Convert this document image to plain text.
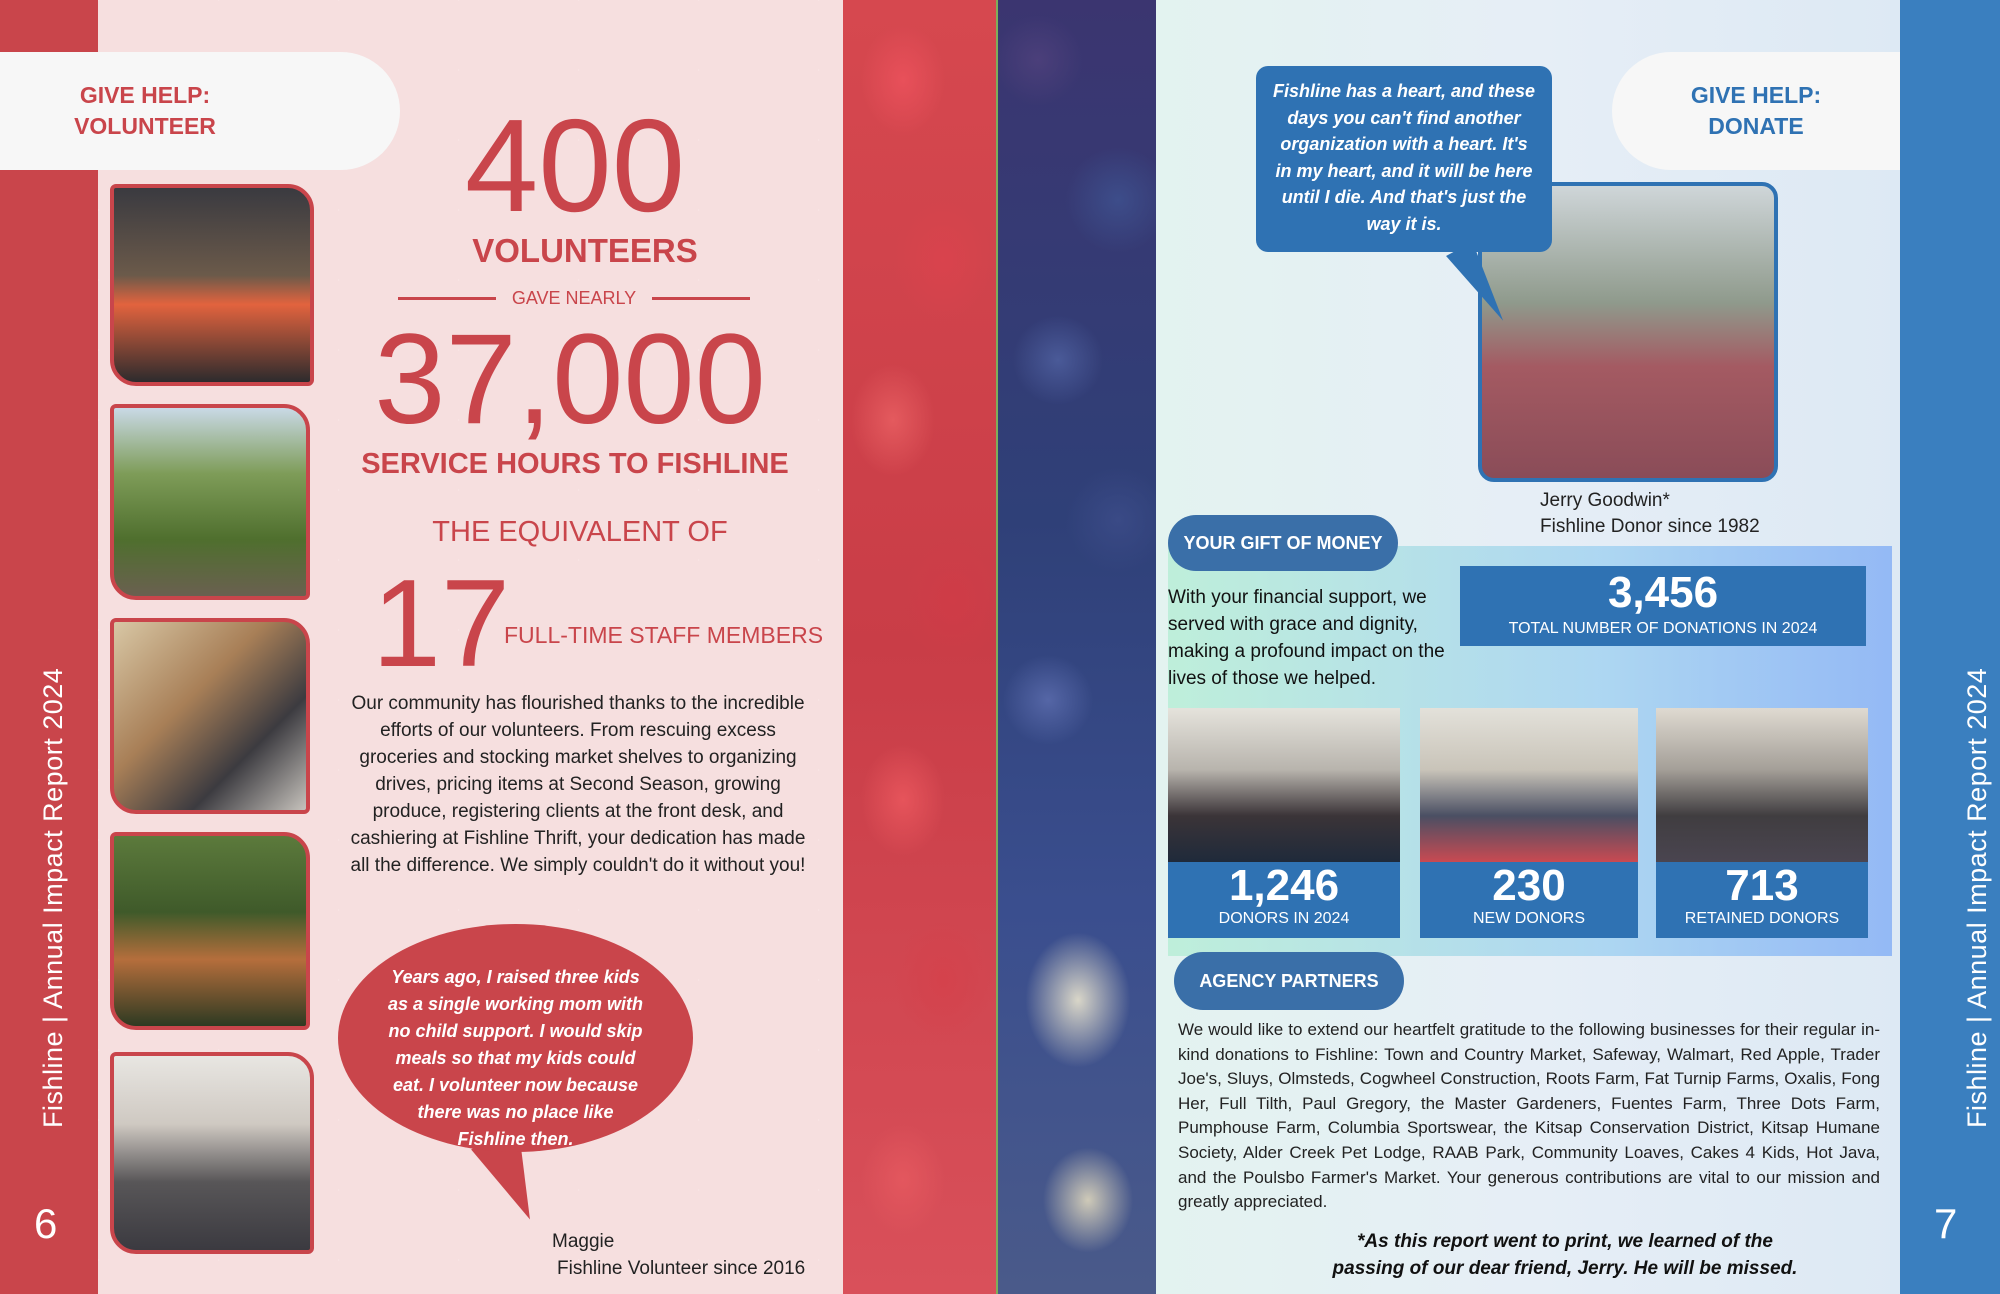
GIVE HELP:
VOLUNTEER
Fishline | Annual Impact Report 2024
6
400
VOLUNTEERS
GAVE NEARLY
37,000
SERVICE HOURS TO FISHLINE
THE EQUIVALENT OF
17
FULL-TIME STAFF MEMBERS
Our community has flourished thanks to the incredible efforts of our volunteers. From rescuing excess groceries and stocking market shelves to organizing drives, pricing items at Second Season, growing produce, registering clients at the front desk, and cashiering at Fishline Thrift, your dedication has made all the difference. We simply couldn't do it without you!
Years ago, I raised three kids as a single working mom with no child support. I would skip meals so that my kids could eat. I volunteer now because there was no place like Fishline then.
Maggie
Fishline Volunteer since 2016
GIVE HELP:
DONATE
Fishline | Annual Impact Report 2024
7
Fishline has a heart, and these days you can't find another organization with a heart. It's in my heart, and it will be here until I die. And that's just the way it is.
Jerry Goodwin*
Fishline Donor since 1982
YOUR GIFT OF MONEY
With your financial support, we served with grace and dignity, making a profound impact on the lives of those we helped.
3,456
TOTAL NUMBER OF DONATIONS IN 2024
1,246
DONORS IN 2024
230
NEW DONORS
713
RETAINED DONORS
AGENCY PARTNERS
We would like to extend our heartfelt gratitude to the following businesses for their regular in-kind donations to Fishline: Town and Country Market, Safeway, Walmart, Red Apple, Trader Joe's, Sluys, Olmsteds, Cogwheel Construction, Roots Farm, Fat Turnip Farms, Oxalis, Fong Her, Full Tilth, Paul Gregory, the Master Gardeners, Fuentes Farm, Three Dots Farm, Pumphouse Farm, Columbia Sportswear, the Kitsap Conservation District, Kitsap Humane Society, Alder Creek Pet Lodge, RAAB Park, Community Loaves, Cakes 4 Kids, Hot Java, and the Poulsbo Farmer's Market. Your generous contributions are vital to our mission and greatly appreciated.
*As this report went to print, we learned of the passing of our dear friend, Jerry. He will be missed.
